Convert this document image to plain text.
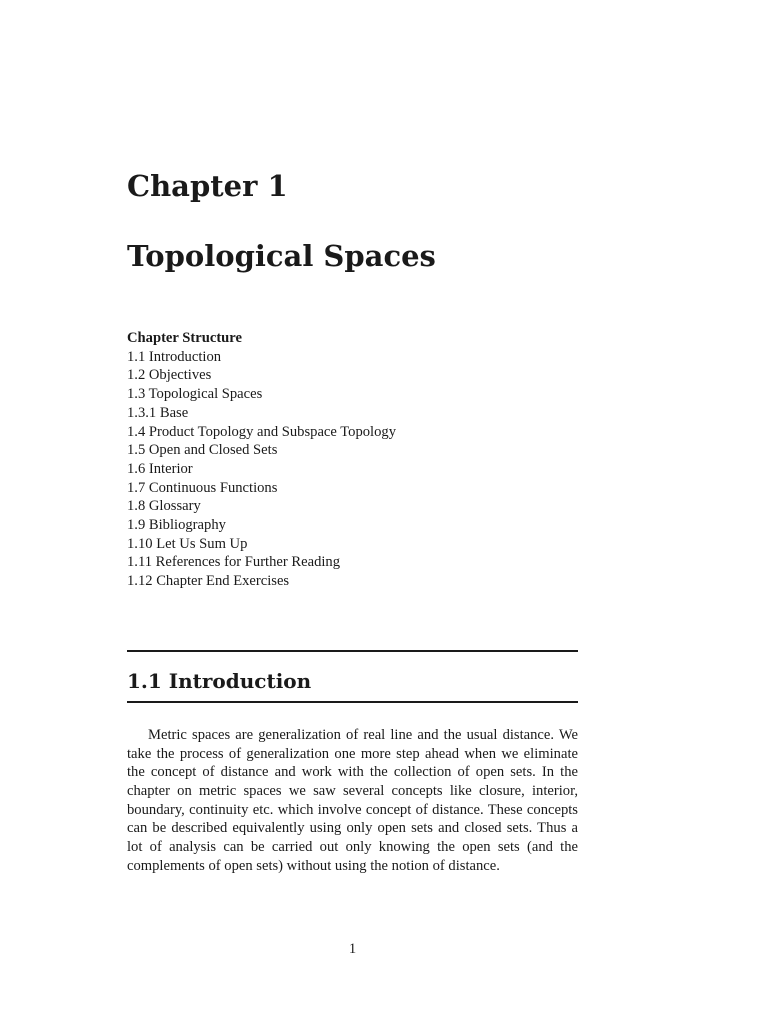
Chapter 1
Topological Spaces
Chapter Structure
1.1 Introduction
1.2 Objectives
1.3 Topological Spaces
1.3.1 Base
1.4 Product Topology and Subspace Topology
1.5 Open and Closed Sets
1.6 Interior
1.7 Continuous Functions
1.8 Glossary
1.9 Bibliography
1.10 Let Us Sum Up
1.11 References for Further Reading
1.12 Chapter End Exercises
1.1 Introduction

Metric spaces are generalization of real line and the usual distance. We take the process of generalization one more step ahead when we eliminate the concept of distance and work with the collection of open sets. In the chapter on metric spaces we saw several concepts like closure, interior, boundary, continuity etc. which involve concept of distance. These concepts can be described equivalently using only open sets and closed sets. Thus a lot of analysis can be carried out only knowing the open sets (and the complements of open sets) without using the notion of distance.

1
